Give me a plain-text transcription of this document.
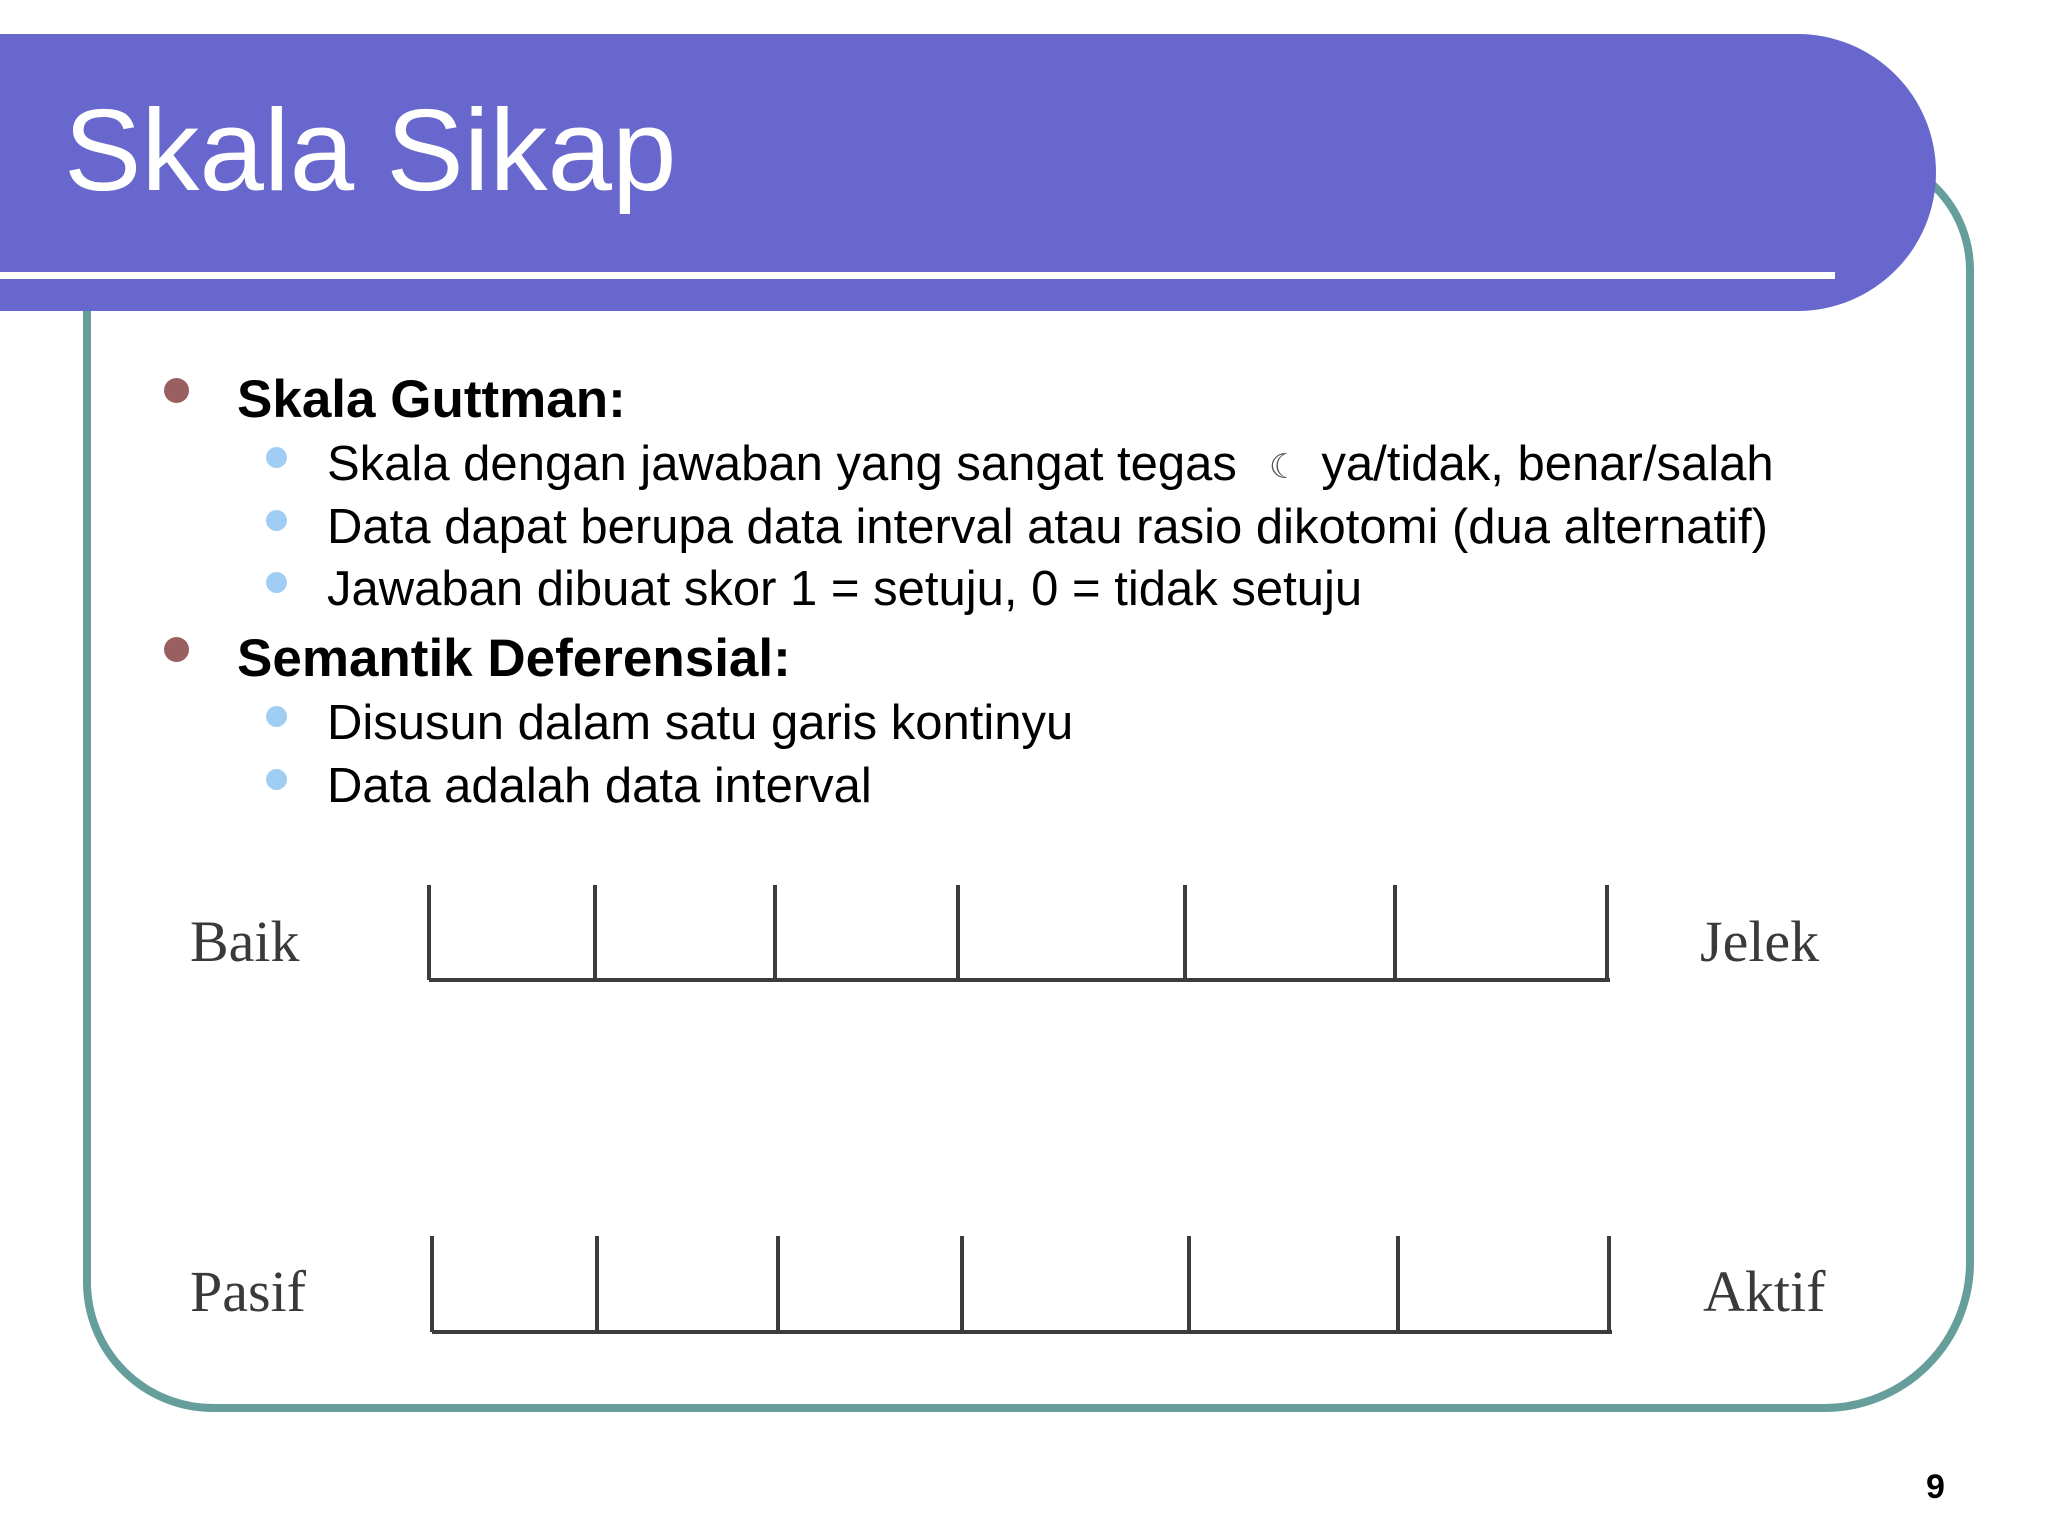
Skala Sikap
Skala Guttman:
Skala dengan jawaban yang sangat tegas ☾ ya/tidak, benar/salah
Data dapat berupa data interval atau rasio dikotomi (dua alternatif)
Jawaban dibuat skor 1 = setuju, 0 = tidak setuju
Semantik Deferensial:
Disusun dalam satu garis kontinyu
Data adalah data interval
Baik	Jelek
Pasif	Aktif
9
